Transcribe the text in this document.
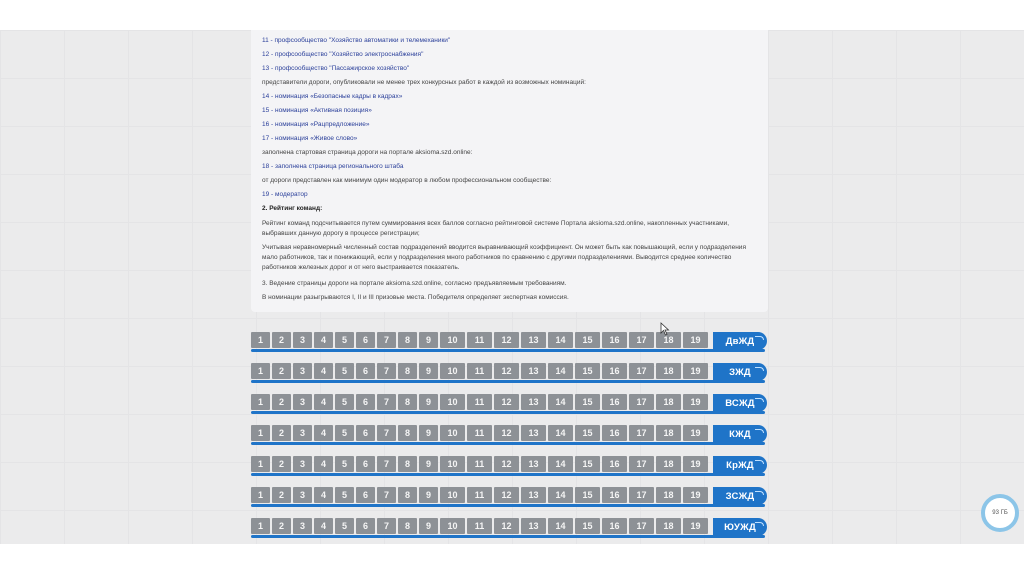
11 - профсообщество "Хозяйство автоматики и телемеханики"

12 - профсообщество "Хозяйство электроснабжения"

13 - профсообщество "Пассажирское хозяйство"

представители дороги, опубликовали не менее трех конкурсных работ в каждой из возможных номинаций:

14 - номинация «Безопасные кадры в кадрах»

15 - номинация «Активная позиция»

16 - номинация «Рацпредложение»

17 - номинация «Живое слово»

заполнена стартовая страница дороги на портале aksioma.szd.online:

18 - заполнена страница регионального штаба

от дороги представлен как минимум один модератор в любом профессиональном сообществе:

19 - модератор

2. Рейтинг команд:

Рейтинг команд подсчитывается путем суммирования всех баллов согласно рейтинговой системе Портала aksioma.szd.online, накопленных участниками, выбравших данную дорогу в процессе регистрации;

Учитывая неравномерный численный состав подразделений вводится выравнивающий коэффициент. Он может быть как повышающий, если у подразделения мало работников, так и понижающий, если у подразделения много работников по сравнению с другими подразделениями. Выводится среднее количество работников железных дорог и от него выстраивается показатель.

3. Ведение страницы дороги на портале aksioma.szd.online, согласно предъявляемым требованиям.

В номинации разыгрываются I, II и III призовые места. Победителя определяет экспертная комиссия.

1	2	3	4	5	6	7	8	9	10	11	12	13	14	15	16	17	18	19	ДвЖД
1	2	3	4	5	6	7	8	9	10	11	12	13	14	15	16	17	18	19	ЗЖД
1	2	3	4	5	6	7	8	9	10	11	12	13	14	15	16	17	18	19	ВСЖД
1	2	3	4	5	6	7	8	9	10	11	12	13	14	15	16	17	18	19	КЖД
1	2	3	4	5	6	7	8	9	10	11	12	13	14	15	16	17	18	19	КрЖД
1	2	3	4	5	6	7	8	9	10	11	12	13	14	15	16	17	18	19	ЗСЖД
1	2	3	4	5	6	7	8	9	10	11	12	13	14	15	16	17	18	19	ЮУЖД
93 ГБ
